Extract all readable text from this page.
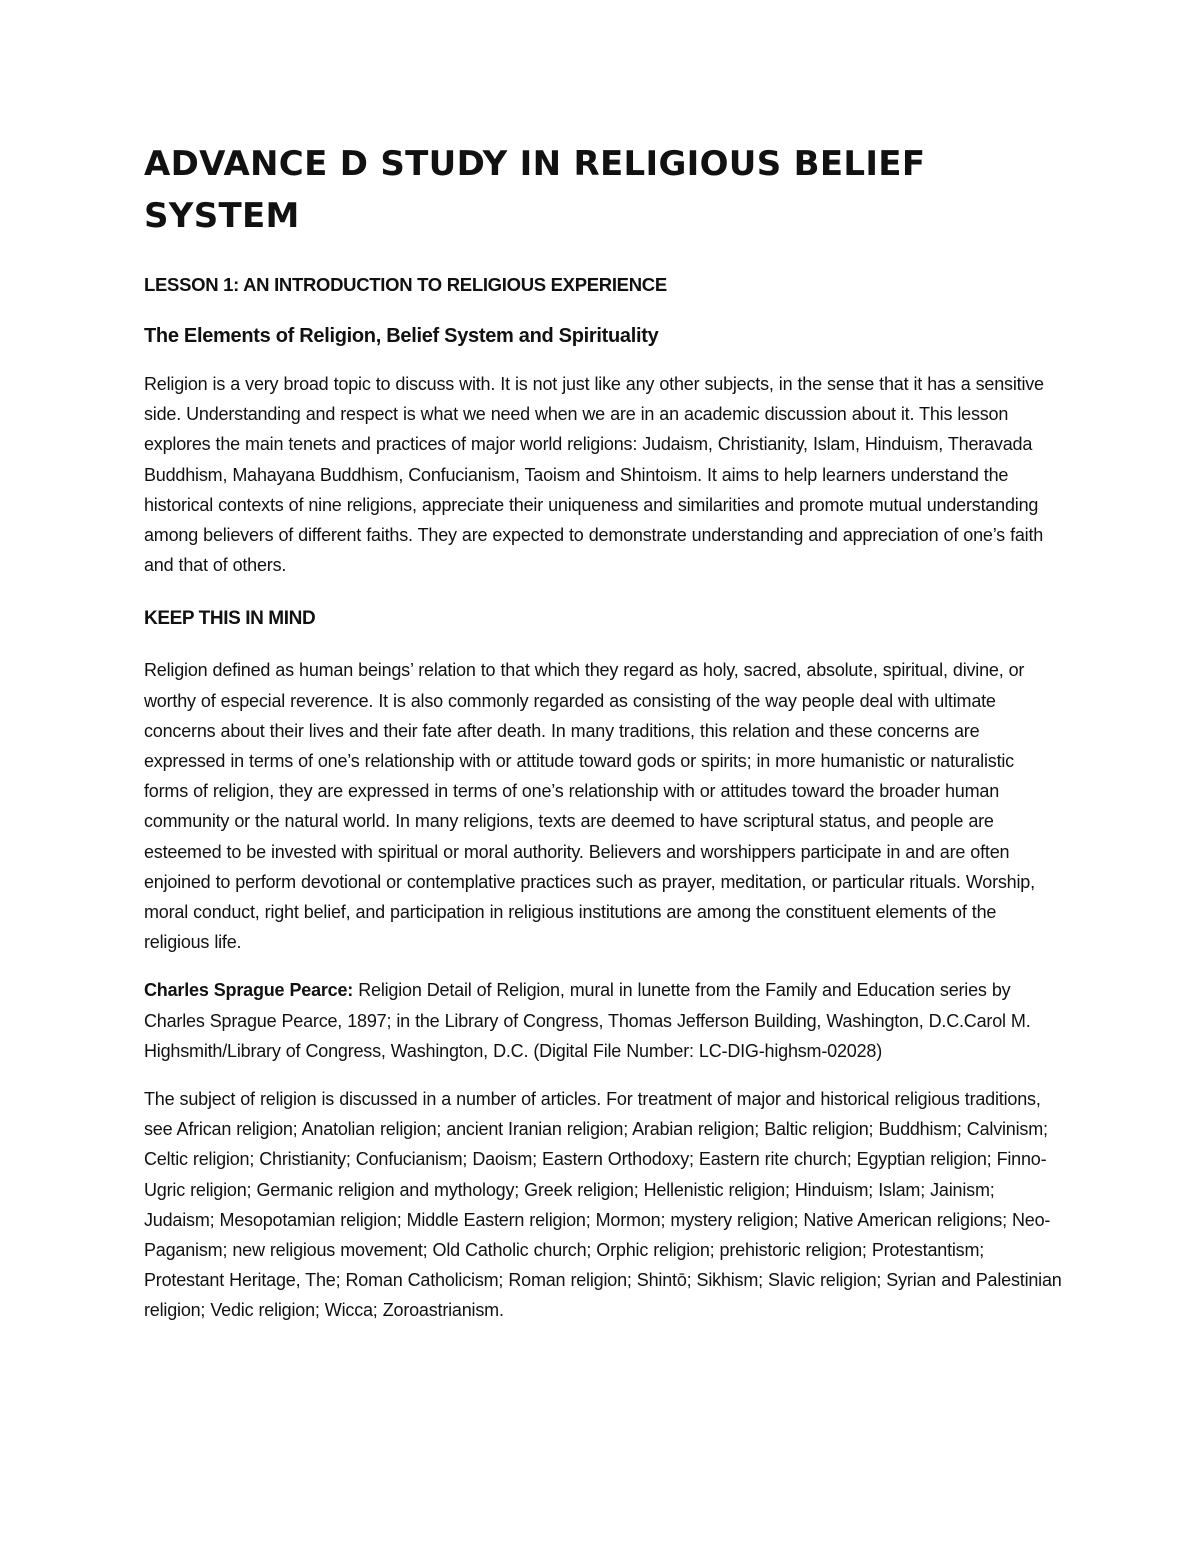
ADVANCE D STUDY IN RELIGIOUS BELIEF SYSTEM
LESSON 1: AN INTRODUCTION TO RELIGIOUS EXPERIENCE
The Elements of Religion, Belief System and Spirituality

Religion is a very broad topic to discuss with. It is not just like any other subjects, in the sense that it has a sensitive side. Understanding and respect is what we need when we are in an academic discussion about it. This lesson explores the main tenets and practices of major world religions: Judaism, Christianity, Islam, Hinduism, Theravada Buddhism, Mahayana Buddhism, Confucianism, Taoism and Shintoism. It aims to help learners understand the historical contexts of nine religions, appreciate their uniqueness and similarities and promote mutual understanding among believers of different faiths. They are expected to demonstrate understanding and appreciation of one’s faith and that of others.

KEEP THIS IN MIND

Religion defined as human beings’ relation to that which they regard as holy, sacred, absolute, spiritual, divine, or worthy of especial reverence. It is also commonly regarded as consisting of the way people deal with ultimate concerns about their lives and their fate after death. In many traditions, this relation and these concerns are expressed in terms of one’s relationship with or attitude toward gods or spirits; in more humanistic or naturalistic forms of religion, they are expressed in terms of one’s relationship with or attitudes toward the broader human community or the natural world. In many religions, texts are deemed to have scriptural status, and people are esteemed to be invested with spiritual or moral authority. Believers and worshippers participate in and are often enjoined to perform devotional or contemplative practices such as prayer, meditation, or particular rituals. Worship, moral conduct, right belief, and participation in religious institutions are among the constituent elements of the religious life.

Charles Sprague Pearce: Religion Detail of Religion, mural in lunette from the Family and Education series by Charles Sprague Pearce, 1897; in the Library of Congress, Thomas Jefferson Building, Washington, D.C.Carol M. Highsmith/Library of Congress, Washington, D.C. (Digital File Number: LC-DIG-highsm-02028)

The subject of religion is discussed in a number of articles. For treatment of major and historical religious traditions, see African religion; Anatolian religion; ancient Iranian religion; Arabian religion; Baltic religion; Buddhism; Calvinism; Celtic religion; Christianity; Confucianism; Daoism; Eastern Orthodoxy; Eastern rite church; Egyptian religion; Finno-Ugric religion; Germanic religion and mythology; Greek religion; Hellenistic religion; Hinduism; Islam; Jainism; Judaism; Mesopotamian religion; Middle Eastern religion; Mormon; mystery religion; Native American religions; Neo-Paganism; new religious movement; Old Catholic church; Orphic religion; prehistoric religion; Protestantism; Protestant Heritage, The; Roman Catholicism; Roman religion; Shintō; Sikhism; Slavic religion; Syrian and Palestinian religion; Vedic religion; Wicca; Zoroastrianism.
